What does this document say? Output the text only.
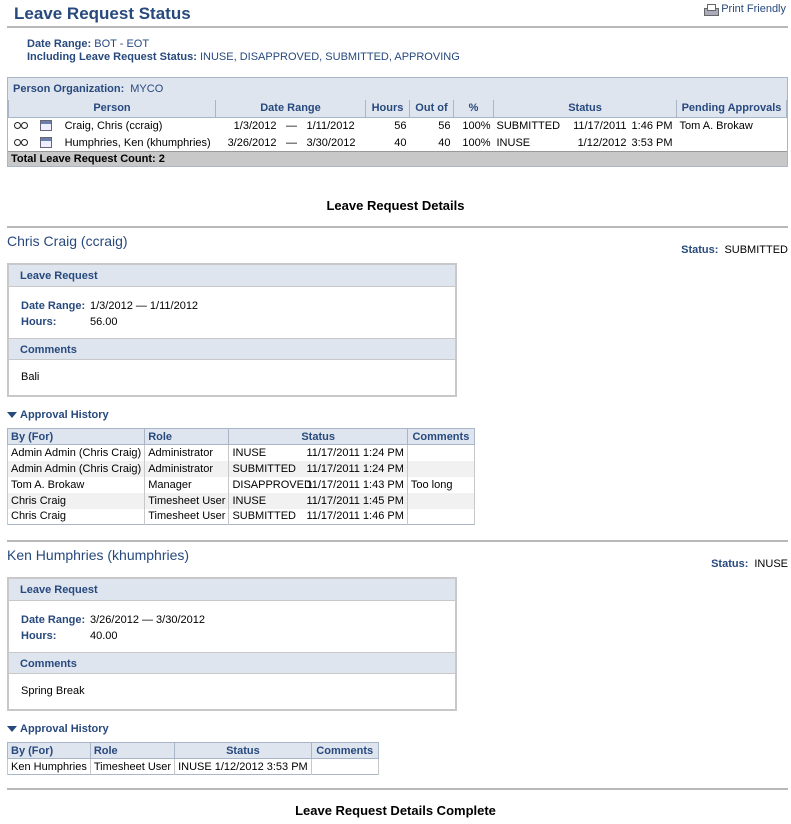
Leave Request Status	Print Friendly
Date Range: BOT - EOT
Including Leave Request Status: INUSE, DISAPPROVED, SUBMITTED, APPROVING
Person Organization: MYCO
Person	Date Range	Hours	Out of	%	Status	Pending Approvals
Craig, Chris (ccraig)	1/3/2012 — 1/11/2012	56	56	100%	SUBMITTED 11/17/2011 1:46 PM	Tom A. Brokaw
Humphries, Ken (khumphries)	3/26/2012 — 3/30/2012	40	40	100%	INUSE 1/12/2012 3:53 PM	
Total Leave Request Count: 2
Leave Request Details
Chris Craig (ccraig)
Status: SUBMITTED
Leave Request
Date Range: 1/3/2012 — 1/11/2012
Hours:	56.00
Comments
Bali
Approval History
By (For)	Role	Status	Comments
Admin Admin (Chris Craig)	Administrator	INUSE 11/17/2011 1:24 PM	
Admin Admin (Chris Craig)	Administrator	SUBMITTED 11/17/2011 1:24 PM	
Tom A. Brokaw	Manager	DISAPPROVED11/17/2011 1:43 PM	Too long
Chris Craig	Timesheet User	INUSE 11/17/2011 1:45 PM	
Chris Craig	Timesheet User	SUBMITTED 11/17/2011 1:46 PM	
Ken Humphries (khumphries)
Status: INUSE
Leave Request
Date Range: 3/26/2012 — 3/30/2012
Hours:	40.00
Comments
Spring Break
Approval History
By (For)	Role	Status	Comments
Ken Humphries	Timesheet User	INUSE 1/12/2012 3:53 PM	
Leave Request Details Complete
